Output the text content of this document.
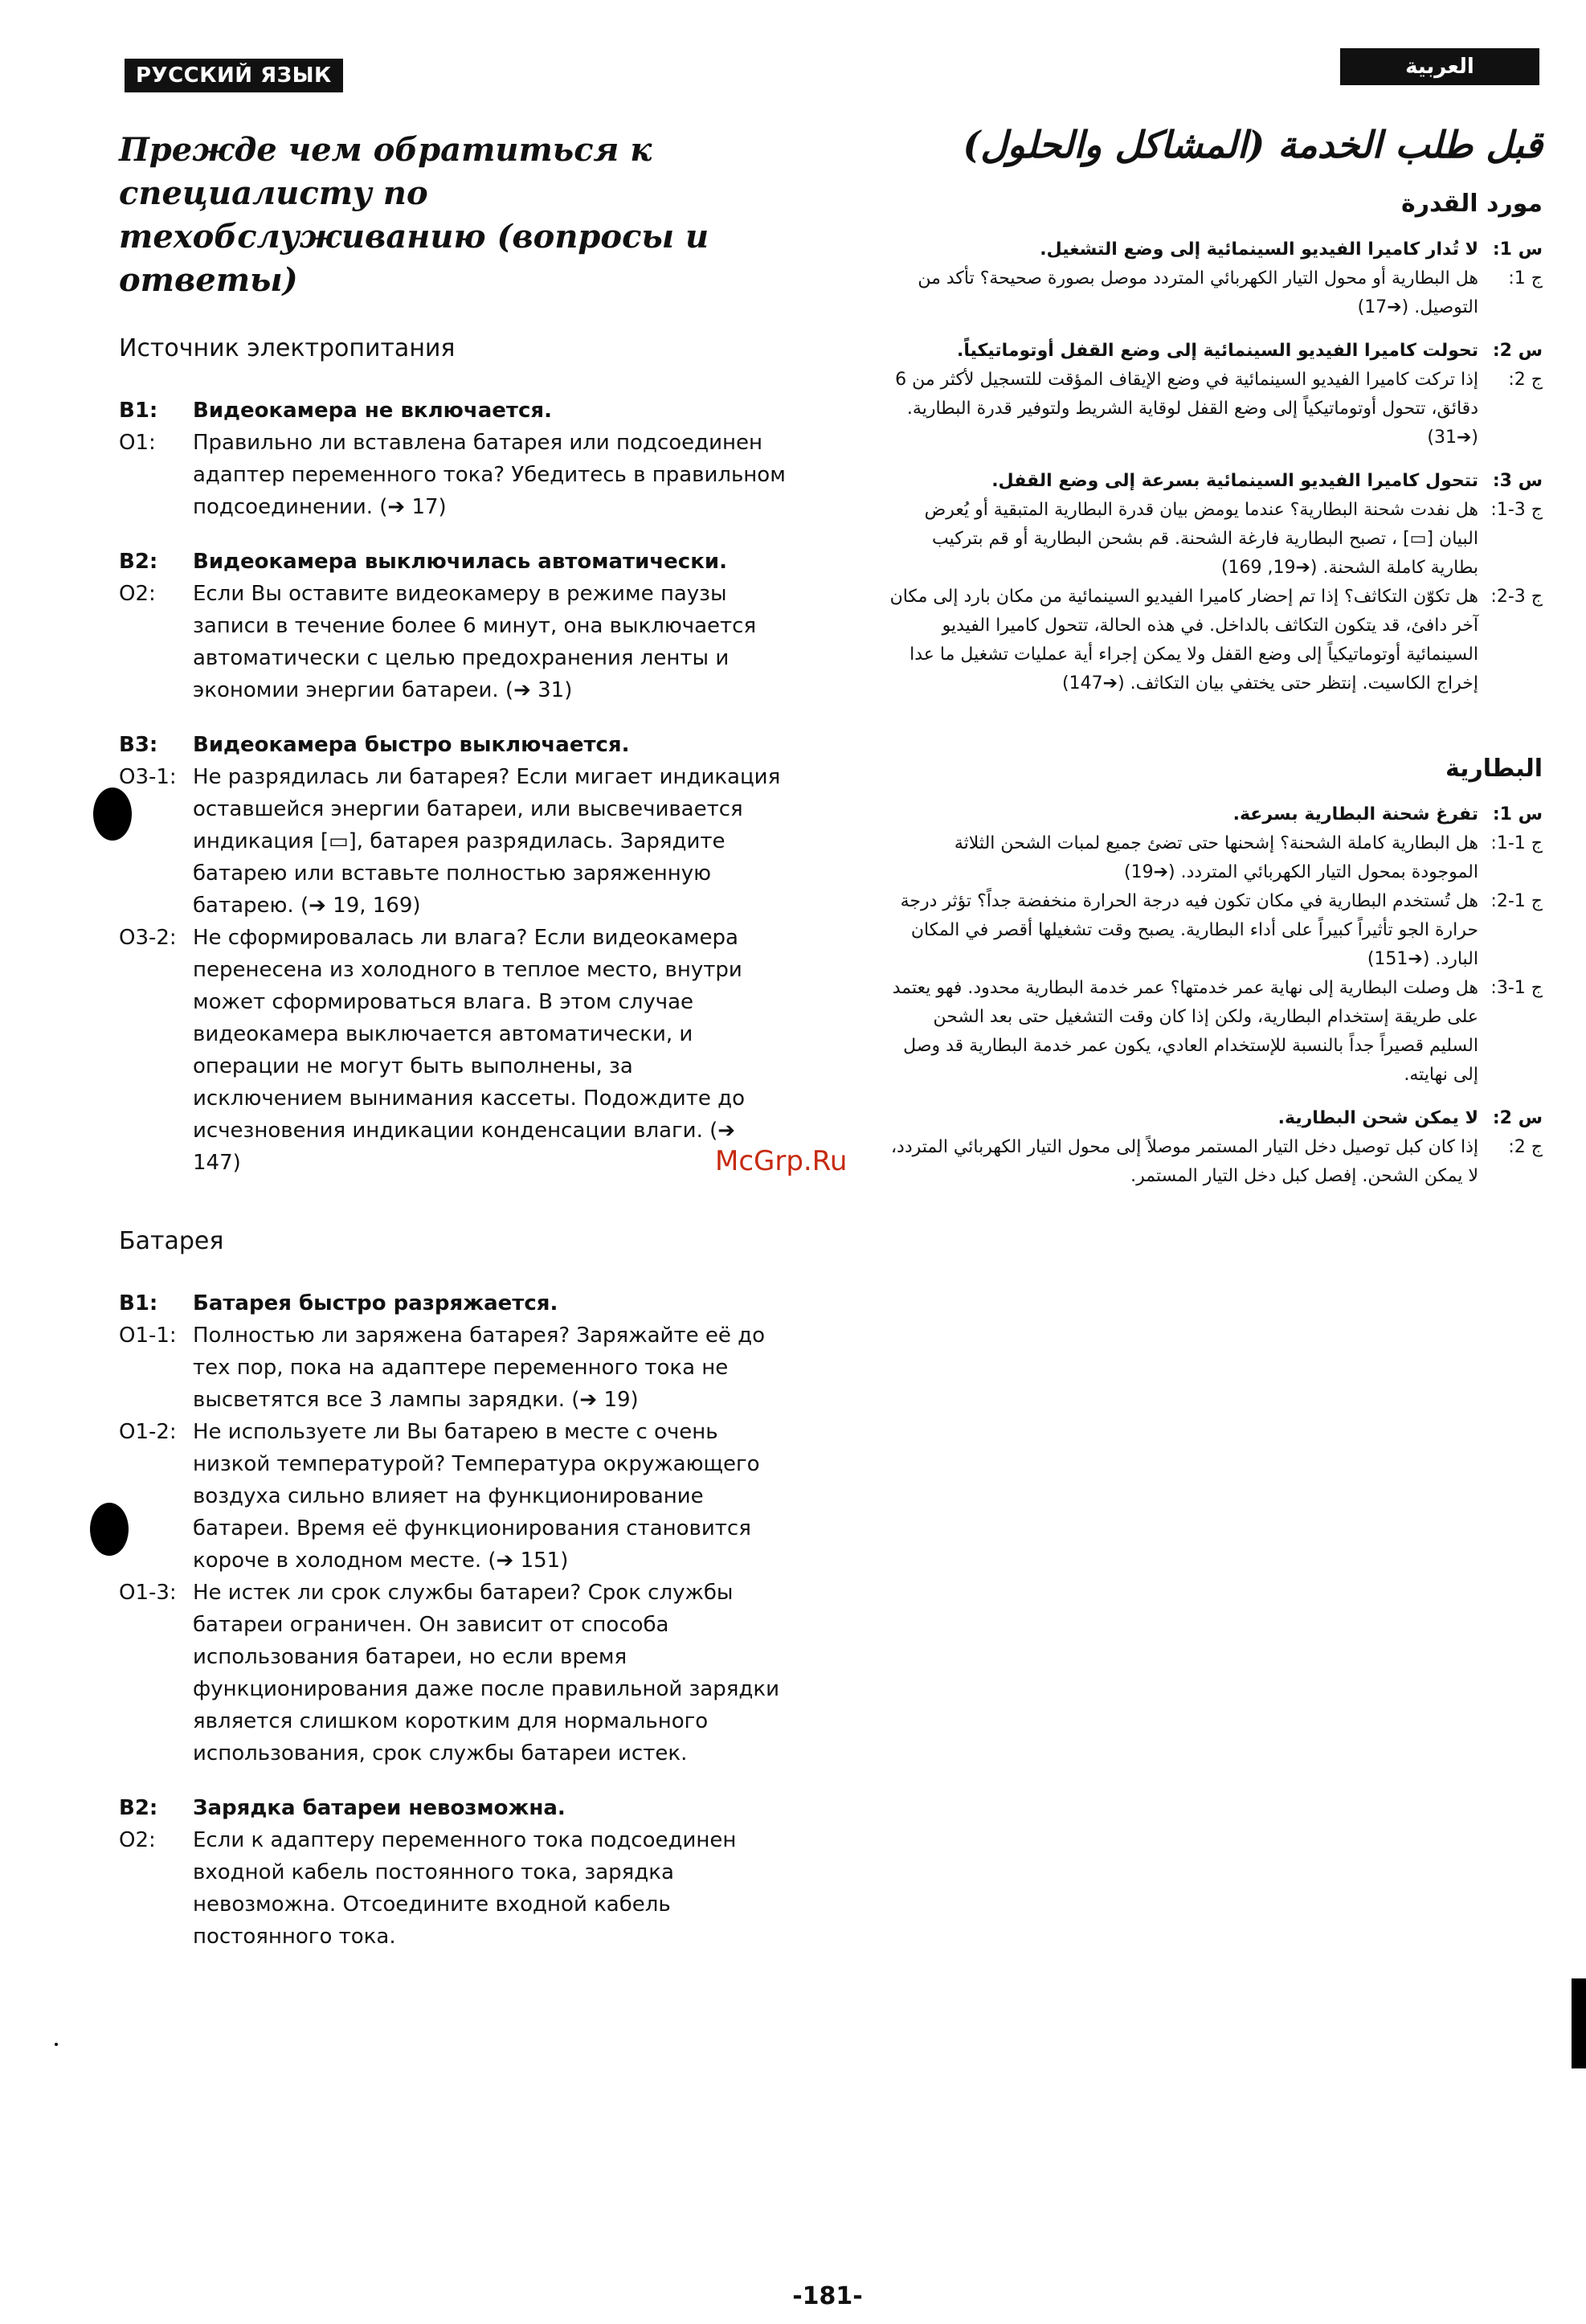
РУССКИЙ ЯЗЫК	العربية
Прежде чем обратиться к специалисту по техобслуживанию (вопросы и ответы)
Источник электропитания
B1:	Видеокамера не включается.
O1:	Правильно ли вставлена батарея или подсоединен адаптер переменного тока? Убедитесь в правильном подсоединении. (➔ 17)
B2:	Видеокамера выключилась автоматически.
O2:	Если Вы оставите видеокамеру в режиме паузы записи в течение более 6 минут, она выключается автоматически с целью предохранения ленты и экономии энергии батареи. (➔ 31)
B3:	Видеокамера быстро выключается.
O3-1: Не разрядилась ли батарея? Если мигает индикация оставшейся энергии батареи, или высвечивается индикация [▭], батарея разрядилась. Зарядите батарею или вставьте полностью заряженную батарею. (➔ 19, 169)
O3-2: Не сформировалась ли влага? Если видеокамера перенесена из холодного в теплое место, внутри может сформироваться влага. В этом случае видеокамера выключается автоматически, и операции не могут быть выполнены, за исключением вынимания кассеты. Подождите до исчезновения индикации конденсации влаги. (➔ 147)
Батарея
B1:	Батарея быстро разряжается.
O1-1: Полностью ли заряжена батарея? Заряжайте её до тех пор, пока на адаптере переменного тока не высветятся все 3 лампы зарядки. (➔ 19)
O1-2: Не используете ли Вы батарею в месте с очень низкой температурой? Температура окружающего воздуха сильно влияет на функционирование батареи. Время её функционирования становится короче в холодном месте. (➔ 151)
O1-3: Не истек ли срок службы батареи? Срок службы батареи ограничен. Он зависит от способа использования батареи, но если время функционирования даже после правильной зарядки является слишком коротким для нормального использования, срок службы батареи истек.
B2:	Зарядка батареи невозможна.
O2:	Если к адаптеру переменного тока подсоединен входной кабель постоянного тока, зарядка невозможна. Отсоедините входной кабель постоянного тока.
قبل طلب الخدمة (المشاكل والحلول)
مورد القدرة
س 1:
لا تُدار كاميرا الفيديو السينمائية إلى وضع التشغيل.
ج 1:
هل البطارية أو محول التيار الكهربائي المتردد موصل بصورة صحيحة؟ تأكد من التوصيل. (➔17)
س 2:
تحولت كاميرا الفيديو السينمائية إلى وضع القفل أوتوماتيكياً.
ج 2:
إذا تركت كاميرا الفيديو السينمائية في وضع الإيقاف المؤقت للتسجيل لأكثر من 6 دقائق، تتحول أوتوماتيكياً إلى وضع القفل لوقاية الشريط ولتوفير قدرة البطارية. (➔31)
س 3:
تتحول كاميرا الفيديو السينمائية بسرعة إلى وضع القفل.
ج 3-1:
هل نفدت شحنة البطارية؟ عندما يومض بيان قدرة البطارية المتبقية أو يُعرض البيان [▭] ، تصبح البطارية فارغة الشحنة. قم بشحن البطارية أو قم بتركيب بطارية كاملة الشحنة. (➔19, 169)
ج 3-2:
هل تكوّن التكاثف؟ إذا تم إحضار كاميرا الفيديو السينمائية من مكان بارد إلى مكان آخر دافئ، قد يتكون التكاثف بالداخل. في هذه الحالة، تتحول كاميرا الفيديو السينمائية أوتوماتيكياً إلى وضع القفل ولا يمكن إجراء أية عمليات تشغيل ما عدا إخراج الكاسيت. إنتظر حتى يختفي بيان التكاثف. (➔147)
البطارية
س 1:
تفرغ شحنة البطارية بسرعة.
ج 1-1:
هل البطارية كاملة الشحنة؟ إشحنها حتى تضئ جميع لمبات الشحن الثلاثة الموجودة بمحول التيار الكهربائي المتردد. (➔19)
ج 1-2:
هل تُستخدم البطارية في مكان تكون فيه درجة الحرارة منخفضة جداً؟ تؤثر درجة حرارة الجو تأثيراً كبيراً على أداء البطارية. يصبح وقت تشغيلها أقصر في المكان البارد. (➔151)
ج 1-3:
هل وصلت البطارية إلى نهاية عمر خدمتها؟ عمر خدمة البطارية محدود. فهو يعتمد على طريقة إستخدام البطارية، ولكن إذا كان وقت التشغيل حتى بعد الشحن السليم قصيراً جداً بالنسبة للإستخدام العادي، يكون عمر خدمة البطارية قد وصل إلى نهايته.
س 2:
لا يمكن شحن البطارية.
ج 2:
إذا كان كبل توصيل دخل التيار المستمر موصلاً إلى محول التيار الكهربائي المتردد، لا يمكن الشحن. إفصل كبل دخل التيار المستمر.
McGrp.Ru
-181-
